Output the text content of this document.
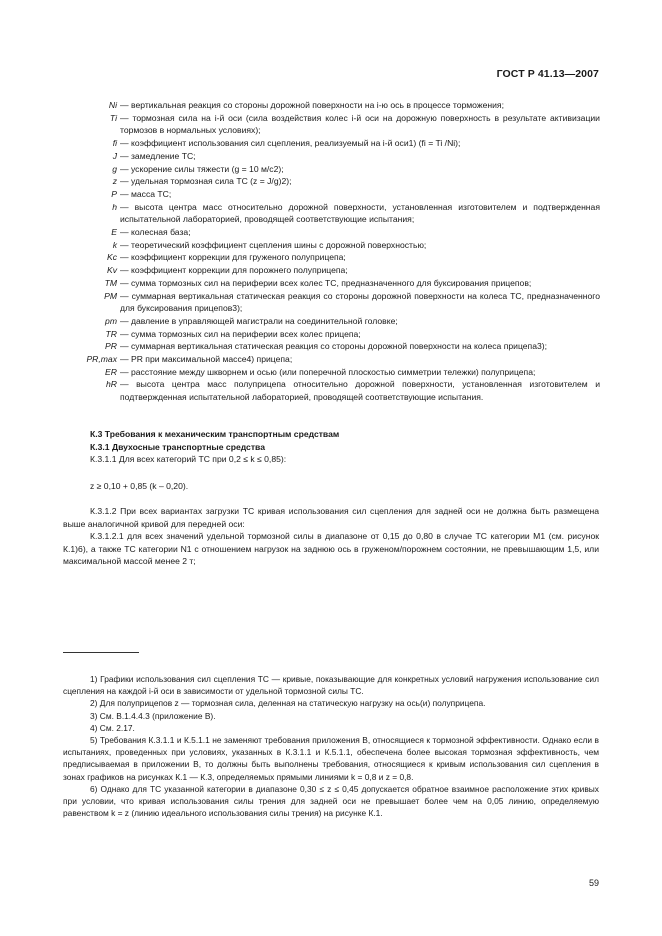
ГОСТ Р 41.13—2007
Ni — вертикальная реакция со стороны дорожной поверхности на i-ю ось в процессе торможения;
Ti — тормозная сила на i-й оси (сила воздействия колес i-й оси на дорожную поверхность в результате активизации тормозов в нормальных условиях);
fi — коэффициент использования сил сцепления, реализуемый на i-й оси1) (fi = Ti /Ni);
J — замедление ТС;
g — ускорение силы тяжести (g = 10 м/с2);
z — удельная тормозная сила ТС (z = J/g)2);
P — масса ТС;
h — высота центра масс относительно дорожной поверхности, установленная изготовителем и подтвержденная испытательной лабораторией, проводящей соответствующие испытания;
E — колесная база;
k — теоретический коэффициент сцепления шины с дорожной поверхностью;
Kc — коэффициент коррекции для груженого полуприцепа;
Kv — коэффициент коррекции для порожнего полуприцепа;
TM — сумма тормозных сил на периферии всех колес ТС, предназначенного для буксирования прицепов;
PM — суммарная вертикальная статическая реакция со стороны дорожной поверхности на колеса ТС, предназначенного для буксирования прицепов3);
pm — давление в управляющей магистрали на соединительной головке;
TR — сумма тормозных сил на периферии всех колес прицепа;
PR — суммарная вертикальная статическая реакция со стороны дорожной поверхности на колеса прицепа3);
PR,max — PR при максимальной массе4) прицепа;
ER — расстояние между шкворнем и осью (или поперечной плоскостью симметрии тележки) полуприцепа;
hR — высота центра масс полуприцепа относительно дорожной поверхности, установленная изготовителем и подтвержденная испытательной лабораторией, проводящей соответствующие испытания.
К.3 Требования к механическим транспортным средствам
К.3.1 Двухосные транспортные средства

К.3.1.1 Для всех категорий ТС при 0,2 ≤ k ≤ 0,85):

z ≥ 0,10 + 0,85 (k – 0,20).

К.3.1.2 При всех вариантах загрузки ТС кривая использования сил сцепления для задней оси не должна быть размещена выше аналогичной кривой для передней оси:

К.3.1.2.1 для всех значений удельной тормозной силы в диапазоне от 0,15 до 0,80 в случае ТС категории М1 (см. рисунок К.1)6), а также ТС категории N1 с отношением нагрузок на заднюю ось в груженом/порожнем состоянии, не превышающим 1,5, или максимальной массой менее 2 т;

1) Графики использования сил сцепления ТС — кривые, показывающие для конкретных условий нагружения использование сил сцепления на каждой i-й оси в зависимости от удельной тормозной силы ТС.

2) Для полуприцепов z — тормозная сила, деленная на статическую нагрузку на ось(и) полуприцепа.

3) См. В.1.4.4.3 (приложение В).

4) См. 2.17.

5) Требования К.3.1.1 и К.5.1.1 не заменяют требования приложения В, относящиеся к тормозной эффективности. Однако если в испытаниях, проведенных при условиях, указанных в К.3.1.1 и К.5.1.1, обеспечена более высокая тормозная эффективность, чем предписываемая в приложении В, то должны быть выполнены требования, относящиеся к кривым использования сил сцепления в зонах графиков на рисунках К.1 — К.3, определяемых прямыми линиями k = 0,8 и z = 0,8.

6) Однако для ТС указанной категории в диапазоне 0,30 ≤ z ≤ 0,45 допускается обратное взаимное расположение этих кривых при условии, что кривая использования силы трения для задней оси не превышает более чем на 0,05 линию, определяемую равенством k = z (линию идеального использования силы трения) на рисунке К.1.

59
